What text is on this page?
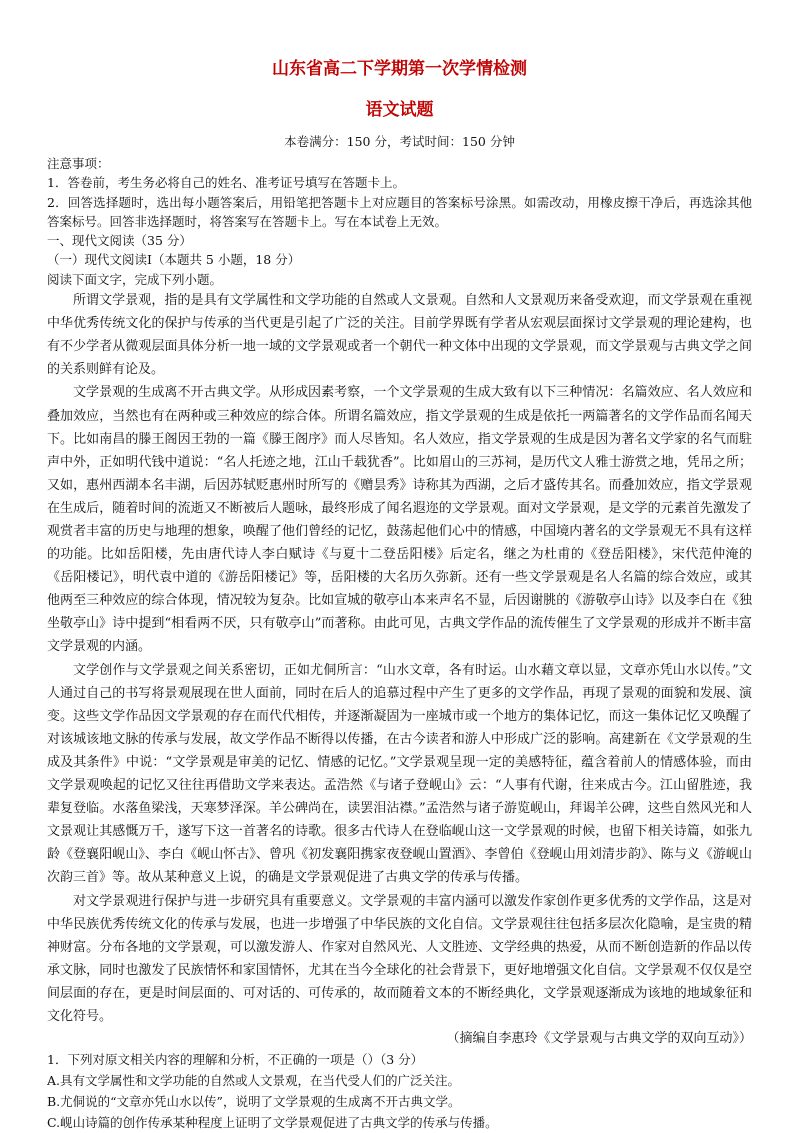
山东省高二下学期第一次学情检测
语文试题
本卷满分：150 分，考试时间：150 分钟
注意事项：
1．答卷前，考生务必将自己的姓名、准考证号填写在答题卡上。
2．回答选择题时，选出每小题答案后，用铅笔把答题卡上对应题目的答案标号涂黑。如需改动，用橡皮擦干净后，再选涂其他答案标号。回答非选择题时，将答案写在答题卡上。写在本试卷上无效。
一、现代文阅读（35 分）
（一）现代文阅读Ⅰ（本题共 5 小题，18 分）
阅读下面文字，完成下列小题。

所谓文学景观，指的是具有文学属性和文学功能的自然或人文景观。自然和人文景观历来备受欢迎，而文学景观在重视中华优秀传统文化的保护与传承的当代更是引起了广泛的关注。目前学界既有学者从宏观层面探讨文学景观的理论建构，也有不少学者从微观层面具体分析一地一域的文学景观或者一个朝代一种文体中出现的文学景观，而文学景观与古典文学之间的关系则鲜有论及。

文学景观的生成离不开古典文学。从形成因素考察，一个文学景观的生成大致有以下三种情况：名篇效应、名人效应和叠加效应，当然也有在两种或三种效应的综合体。所谓名篇效应，指文学景观的生成是依托一两篇著名的文学作品而名闻天下。比如南昌的滕王阁因王勃的一篇《滕王阁序》而人尽皆知。名人效应，指文学景观的生成是因为著名文学家的名气而駐声中外，正如明代钱中道说：“名人托迹之地，江山千载犹香”。比如眉山的三苏祠，是历代文人雅士游赏之地，凭吊之所；又如，惠州西湖本名丰湖，后因苏轼贬惠州时所写的《赠昙秀》诗称其为西湖，之后才盛传其名。而叠加效应，指文学景观在生成后，随着时间的流逝又不断被后人题咏，最终形成了闻名遐迩的文学景观。面对文学景观，是文学的元素首先激发了观赏者丰富的历史与地理的想象，唤醒了他们曾经的记忆，鼓荡起他们心中的情感，中国境内著名的文学景观无不具有这样的功能。比如岳阳楼，先由唐代诗人李白赋诗《与夏十二登岳阳楼》后定名，继之为杜甫的《登岳阳楼》，宋代范仲淹的《岳阳楼记》，明代袁中道的《游岳阳楼记》等，岳阳楼的大名历久弥新。还有一些文学景观是名人名篇的综合效应，或其他两至三种效应的综合体现，情况较为复杂。比如宣城的敬亭山本来声名不显，后因谢朓的《游敬亭山诗》以及李白在《独坐敬亭山》诗中提到“相看两不厌，只有敬亭山”而著称。由此可见，古典文学作品的流传催生了文学景观的形成并不断丰富文学景观的内涵。

文学创作与文学景观之间关系密切，正如尤侗所言：“山水文章，各有时运。山水藉文章以显，文章亦凭山水以传。”文人通过自己的书写将景观展现在世人面前，同时在后人的追慕过程中产生了更多的文学作品，再现了景观的面貌和发展、演变。这些文学作品因文学景观的存在而代代相传，并逐渐凝固为一座城市或一个地方的集体记忆，而这一集体记忆又唤醒了对该城该地文脉的传承与发展，故文学作品不断得以传播，在古今读者和游人中形成广泛的影响。高建新在《文学景观的生成及其条件》中说：“文学景观是审美的记忆、情感的记忆。”文学景观呈现一定的美感特征，蕴含着前人的情感体验，而由文学景观唤起的记忆又往往再借助文学来表达。孟浩然《与诸子登岘山》云：“人事有代谢，往来成古今。江山留胜迹，我辈复登临。水落鱼梁浅，天寒梦泽深。羊公碑尚在，读罢泪沾襟。”孟浩然与诸子游览岘山，拜谒羊公碑，这些自然风光和人文景观让其感慨万千，遂写下这一首著名的诗歌。很多古代诗人在登临岘山这一文学景观的时候，也留下相关诗篇，如张九龄《登襄阳岘山》、李白《岘山怀古》、曾巩《初发襄阳携家夜登岘山置酒》、李曾伯《登岘山用刘清步韵》、陈与义《游岘山次韵三首》等。故从某种意义上说，的确是文学景观促进了古典文学的传承与传播。

对文学景观进行保护与进一步研究具有重要意义。文学景观的丰富内涵可以激发作家创作更多优秀的文学作品，这是对中华民族优秀传统文化的传承与发展，也进一步增强了中华民族的文化自信。文学景观往往包括多层次化隐喻，是宝贵的精神财富。分布各地的文学景观，可以激发游人、作家对自然风光、人文胜迹、文学经典的热爱，从而不断创造新的作品以传承文脉，同时也激发了民族情怀和家国情怀，尤其在当今全球化的社会背景下，更好地增强文化自信。文学景观不仅仅是空间层面的存在，更是时间层面的、可对话的、可传承的，故而随着文本的不断经典化，文学景观逐渐成为该地的地域象征和文化符号。

（摘编自李惠玲《文学景观与古典文学的双向互动》）
1．下列对原文相关内容的理解和分析，不正确的一项是（）（3 分）
A.具有文学属性和文学功能的自然或人文景观，在当代受人们的广泛关注。
B.尤侗说的“文章亦凭山水以传”，说明了文学景观的生成离不开古典文学。
C.岘山诗篇的创作传承某种程度上证明了文学景观促进了古典文学的传承与传播。
